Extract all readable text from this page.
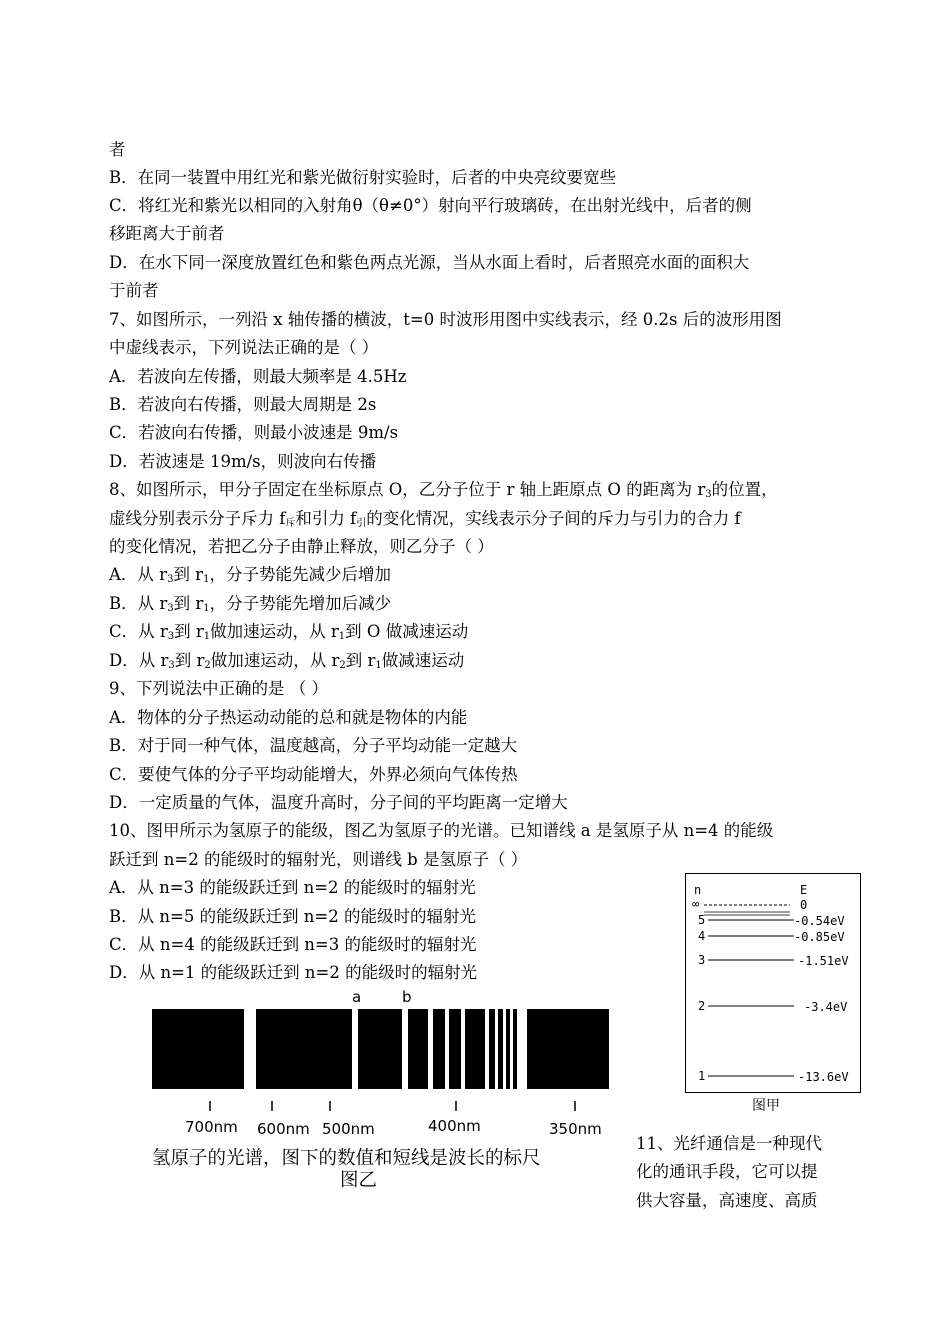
者
B．在同一装置中用红光和紫光做衍射实验时，后者的中央亮纹要宽些
C．将红光和紫光以相同的入射角θ（θ≠0°）射向平行玻璃砖，在出射光线中，后者的侧
移距离大于前者
D．在水下同一深度放置红色和紫色两点光源，当从水面上看时，后者照亮水面的面积大
于前者
7、如图所示，一列沿 x 轴传播的横波，t=0 时波形用图中实线表示，经 0.2s 后的波形用图
中虚线表示，下列说法正确的是（ ）
A．若波向左传播，则最大频率是 4.5Hz
B．若波向右传播，则最大周期是 2s
C．若波向右传播，则最小波速是 9m/s
D．若波速是 19m/s，则波向右传播
8、如图所示，甲分子固定在坐标原点 O，乙分子位于 r 轴上距原点 O 的距离为 $r_3$的位置，
虚线分别表示分子斥力 $f_斥$和引力 $f_引$的变化情况，实线表示分子间的斥力与引力的合力 f
的变化情况，若把乙分子由静止释放，则乙分子（ ）
A．从 $r_3$到 $r_1$，分子势能先减少后增加
B．从 $r_3$到 $r_1$，分子势能先增加后减少
C．从 $r_3$到 $r_1$做加速运动，从 $r_1$到 O 做减速运动
D．从 $r_3$到 $r_2$做加速运动，从 $r_2$到 $r_1$做减速运动
9、下列说法中正确的是 （ ）
A．物体的分子热运动动能的总和就是物体的内能
B．对于同一种气体，温度越高，分子平均动能一定越大
C．要使气体的分子平均动能增大，外界必须向气体传热
D．一定质量的气体，温度升高时，分子间的平均距离一定增大
10、图甲所示为氢原子的能级，图乙为氢原子的光谱。已知谱线 a 是氢原子从 n=4 的能级
跃迁到 n=2 的能级时的辐射光，则谱线 b 是氢原子（ ）
A．从 n=3 的能级跃迁到 n=2 的能级时的辐射光
B．从 n=5 的能级跃迁到 n=2 的能级时的辐射光
C．从 n=4 的能级跃迁到 n=3 的能级时的辐射光
D．从 n=1 的能级跃迁到 n=2 的能级时的辐射光
n	E
∞	0
5	-0.54eV
4	-0.85eV
3	-1.51eV
2	-3.4eV
1	-13.6eV
图甲
a	b
700nm 600nm 500nm	400nm	350nm
氢原子的光谱，图下的数值和短线是波长的标尺
图乙
11、光纤通信是一种现代
化的通讯手段，它可以提
供大容量，高速度、高质
